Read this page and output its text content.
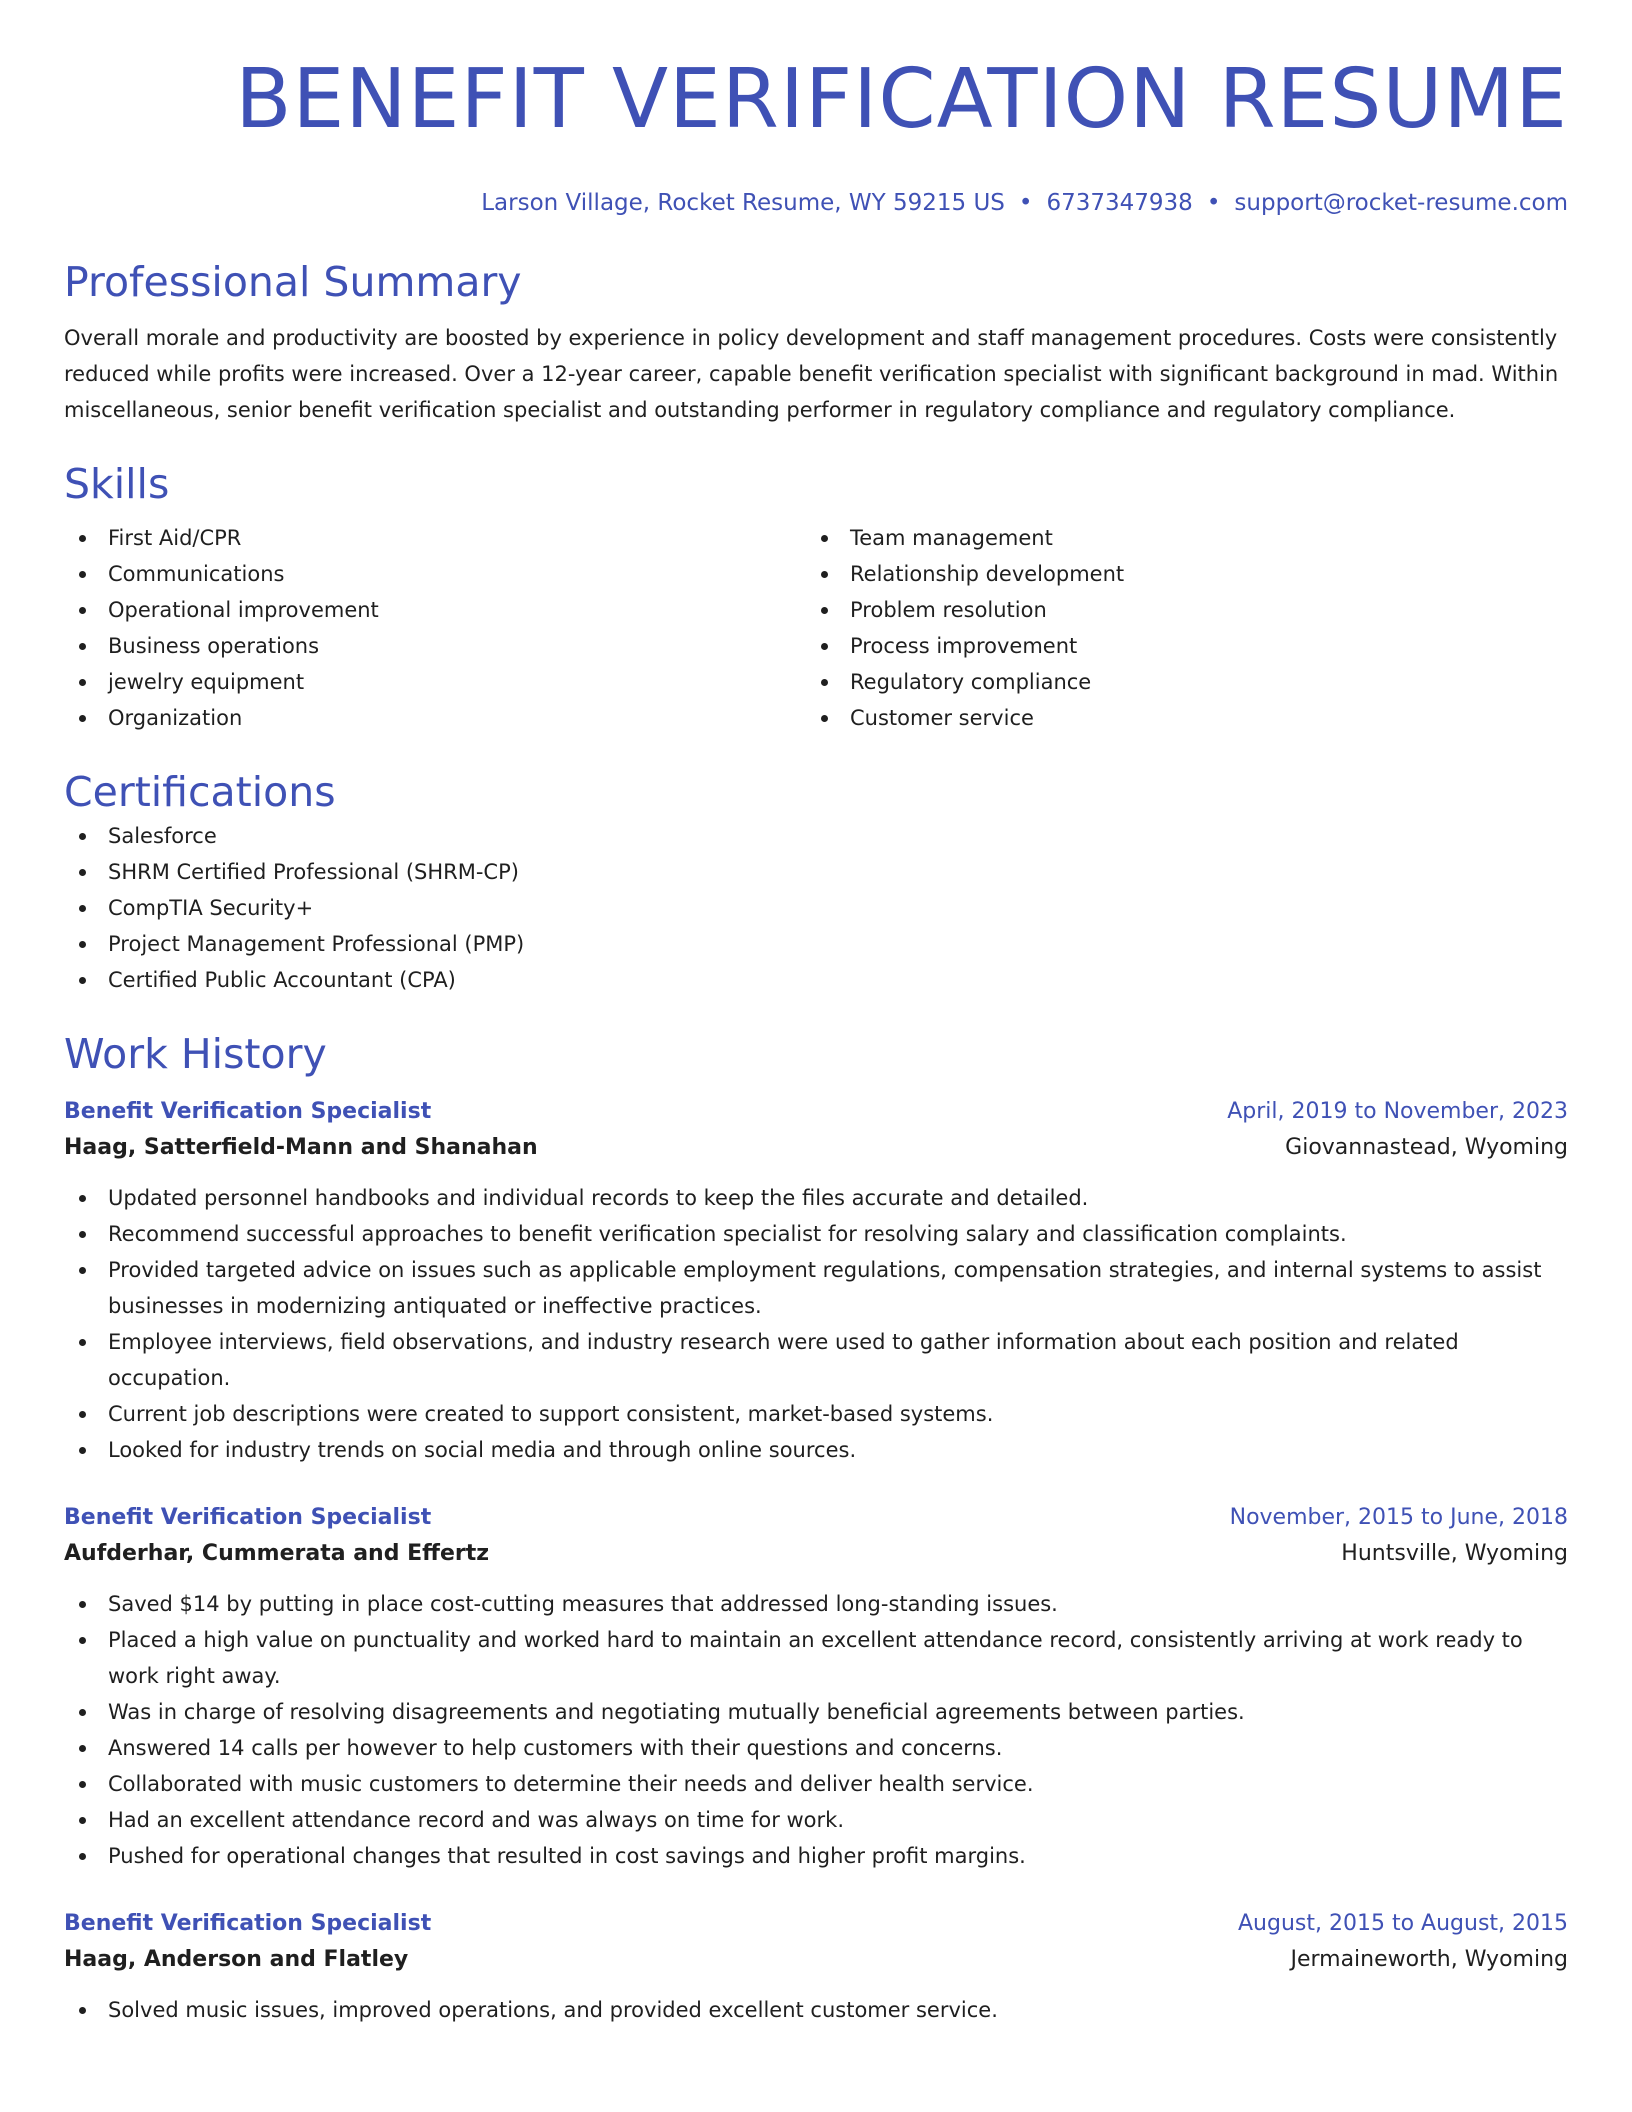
BENEFIT VERIFICATION RESUME
Larson Village, Rocket Resume, WY 59215 US • 6737347938 • support@rocket-resume.com
Professional Summary

Overall morale and productivity are boosted by experience in policy development and staff management procedures. Costs were consistently reduced while profits were increased. Over a 12-year career, capable benefit verification specialist with significant background in mad. Within miscellaneous, senior benefit verification specialist and outstanding performer in regulatory compliance and regulatory compliance.

Skills
First Aid/CPR
Communications
Operational improvement
Business operations
jewelry equipment
Organization
Team management
Relationship development
Problem resolution
Process improvement
Regulatory compliance
Customer service
Certifications
Salesforce
SHRM Certified Professional (SHRM-CP)
CompTIA Security+
Project Management Professional (PMP)
Certified Public Accountant (CPA)
Work History
Benefit Verification Specialist	April, 2019 to November, 2023
Haag, Satterfield-Mann and Shanahan	Giovannastead, Wyoming
Updated personnel handbooks and individual records to keep the files accurate and detailed.
Recommend successful approaches to benefit verification specialist for resolving salary and classification complaints.
Provided targeted advice on issues such as applicable employment regulations, compensation strategies, and internal systems to assist businesses in modernizing antiquated or ineffective practices.
Employee interviews, field observations, and industry research were used to gather information about each position and related occupation.
Current job descriptions were created to support consistent, market-based systems.
Looked for industry trends on social media and through online sources.
Benefit Verification Specialist	November, 2015 to June, 2018
Aufderhar, Cummerata and Effertz	Huntsville, Wyoming
Saved $14 by putting in place cost-cutting measures that addressed long-standing issues.
Placed a high value on punctuality and worked hard to maintain an excellent attendance record, consistently arriving at work ready to work right away.
Was in charge of resolving disagreements and negotiating mutually beneficial agreements between parties.
Answered 14 calls per however to help customers with their questions and concerns.
Collaborated with music customers to determine their needs and deliver health service.
Had an excellent attendance record and was always on time for work.
Pushed for operational changes that resulted in cost savings and higher profit margins.
Benefit Verification Specialist	August, 2015 to August, 2015
Haag, Anderson and Flatley	Jermaineworth, Wyoming
Solved music issues, improved operations, and provided excellent customer service.
